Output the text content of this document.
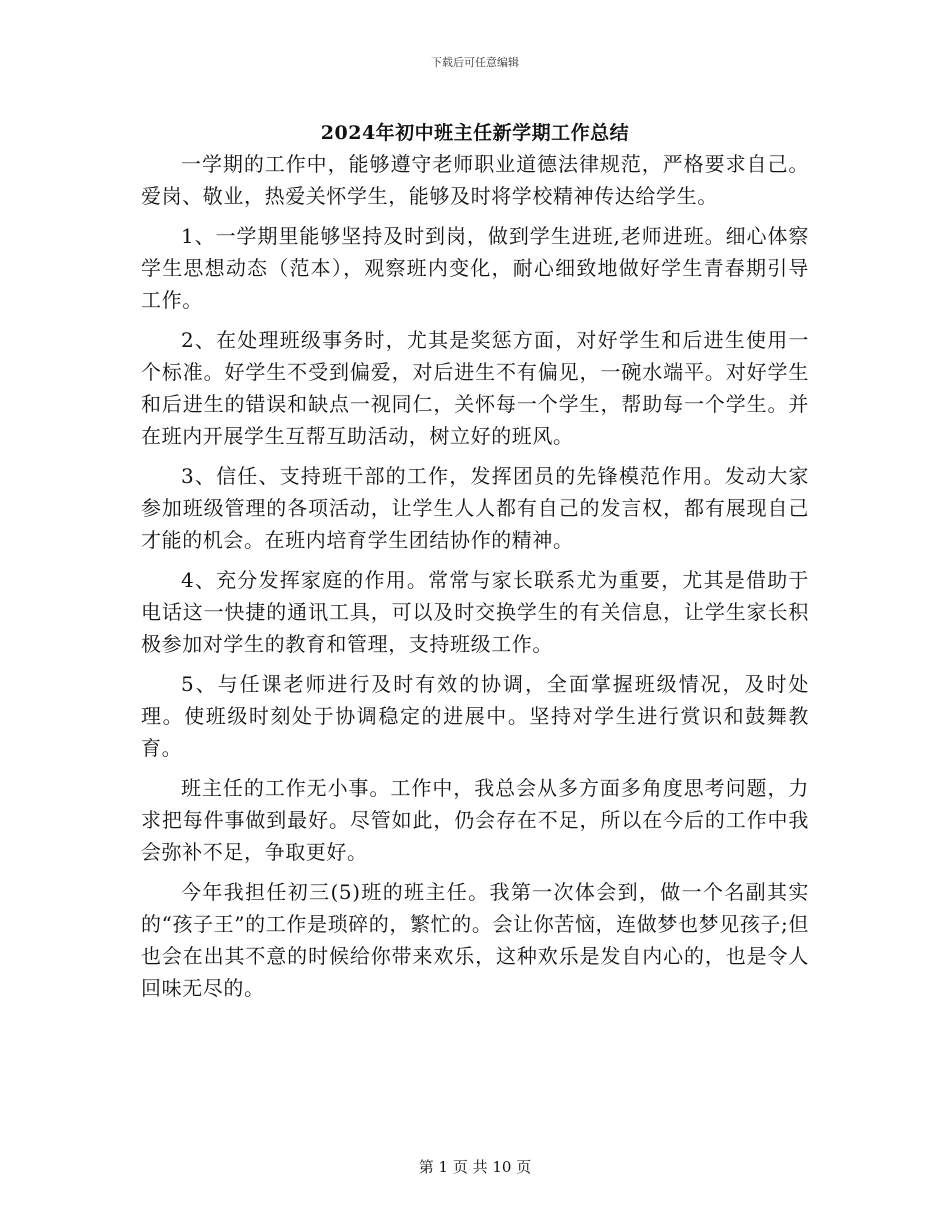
下载后可任意编辑
2024年初中班主任新学期工作总结

一学期的工作中，能够遵守老师职业道德法律规范，严格要求自己。爱岗、敬业，热爱关怀学生，能够及时将学校精神传达给学生。

1、一学期里能够坚持及时到岗，做到学生进班,老师进班。细心体察学生思想动态（范本），观察班内变化，耐心细致地做好学生青春期引导工作。

2、在处理班级事务时，尤其是奖惩方面，对好学生和后进生使用一个标准。好学生不受到偏爱，对后进生不有偏见，一碗水端平。对好学生和后进生的错误和缺点一视同仁，关怀每一个学生，帮助每一个学生。并在班内开展学生互帮互助活动，树立好的班风。

3、信任、支持班干部的工作，发挥团员的先锋模范作用。发动大家参加班级管理的各项活动，让学生人人都有自己的发言权，都有展现自己才能的机会。在班内培育学生团结协作的精神。

4、充分发挥家庭的作用。常常与家长联系尤为重要，尤其是借助于电话这一快捷的通讯工具，可以及时交换学生的有关信息，让学生家长积极参加对学生的教育和管理，支持班级工作。

5、与任课老师进行及时有效的协调，全面掌握班级情况，及时处理。使班级时刻处于协调稳定的进展中。坚持对学生进行赏识和鼓舞教育。

班主任的工作无小事。工作中，我总会从多方面多角度思考问题，力求把每件事做到最好。尽管如此，仍会存在不足，所以在今后的工作中我会弥补不足，争取更好。

今年我担任初三(5)班的班主任。我第一次体会到，做一个名副其实的“孩子王”的工作是琐碎的，繁忙的。会让你苦恼，连做梦也梦见孩子;但也会在出其不意的时候给你带来欢乐，这种欢乐是发自内心的，也是令人回味无尽的。

第 1 页 共 10 页
